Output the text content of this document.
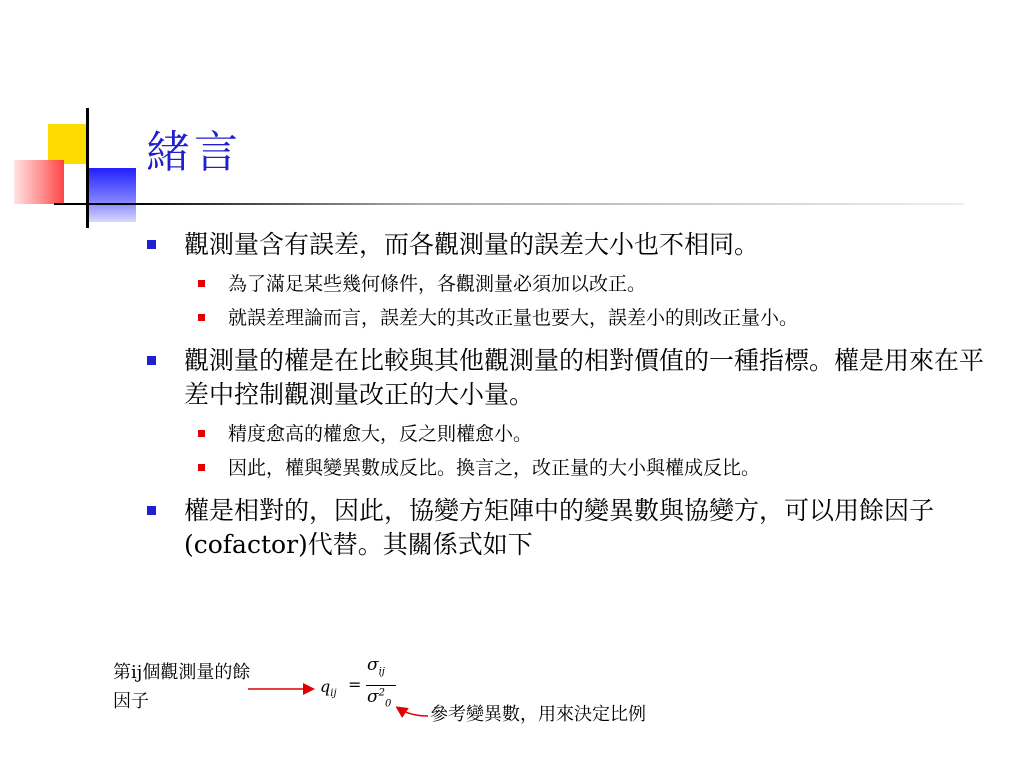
緒言
觀測量含有誤差，而各觀測量的誤差大小也不相同。
為了滿足某些幾何條件，各觀測量必須加以改正。
就誤差理論而言，誤差大的其改正量也要大，誤差小的則改正量小。
觀測量的權是在比較與其他觀測量的相對價值的一種指標。權是用來在平差中控制觀測量改正的大小量。
精度愈高的權愈大，反之則權愈小。
因此，權與變異數成反比。換言之，改正量的大小與權成反比。
權是相對的，因此，協變方矩陣中的變異數與協變方，可以用餘因子(cofactor)代替。其關係式如下
第ij個觀測量的餘因子
$q_{ij}$ =
$\sigma_{ij}$
$\sigma^2_0$
參考變異數，用來決定比例
